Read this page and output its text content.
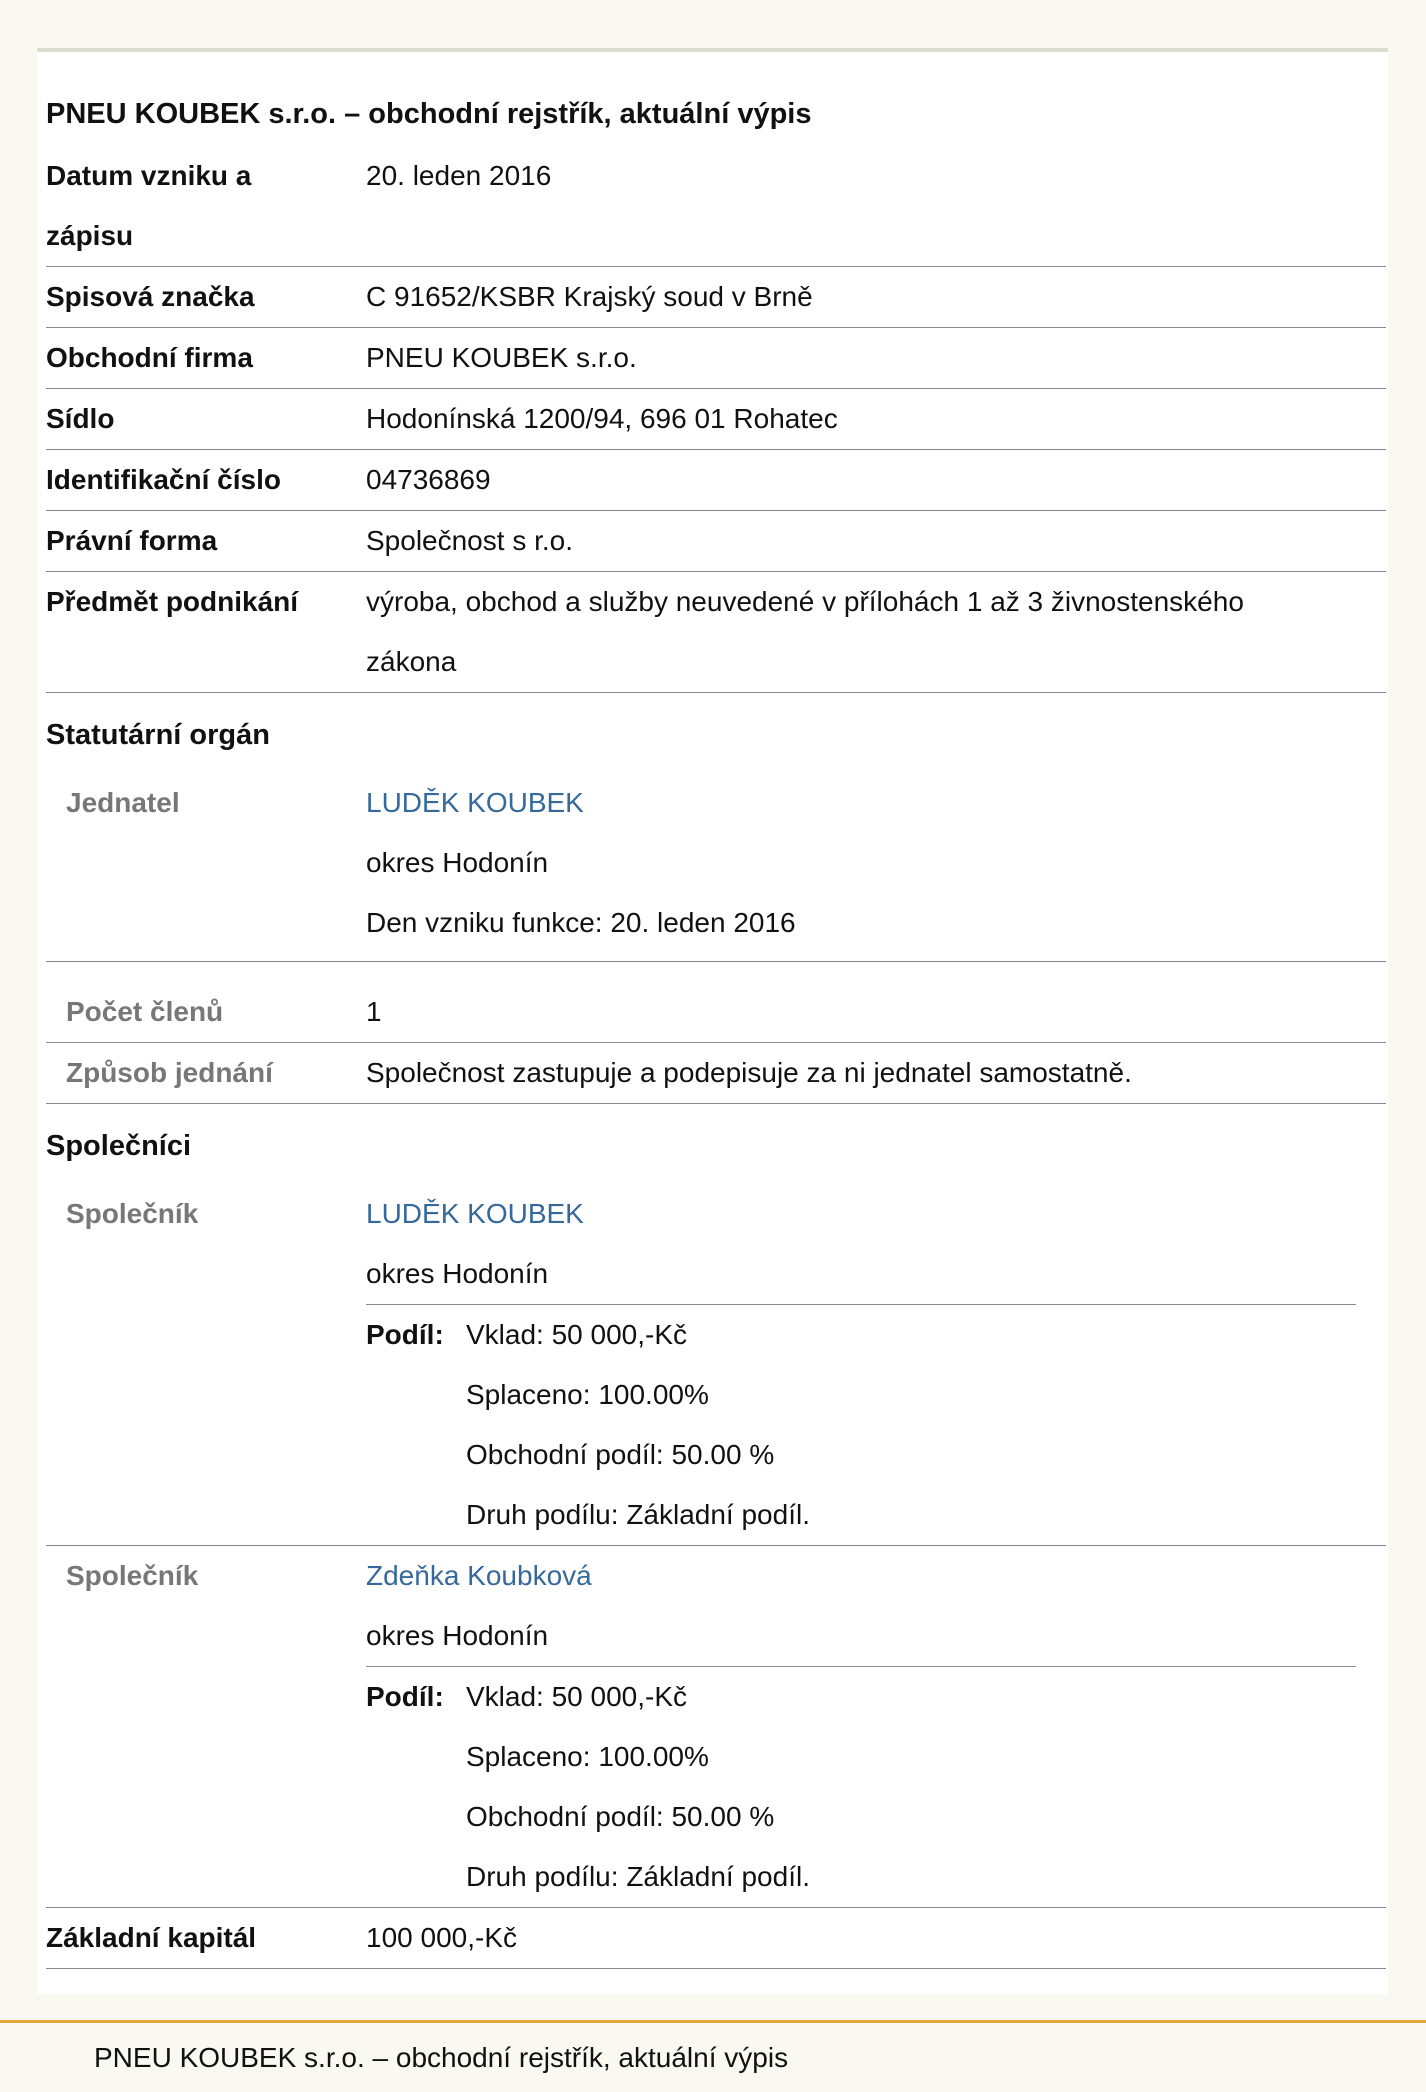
PNEU KOUBEK s.r.o. – obchodní rejstřík, aktuální výpis
Datum vzniku a
zápisu
20. leden 2016
Spisová značka	C 91652/KSBR Krajský soud v Brně
Obchodní firma	PNEU KOUBEK s.r.o.
Sídlo	Hodonínská 1200/94, 696 01 Rohatec
Identifikační číslo	04736869
Právní forma	Společnost s r.o.
Předmět podnikání	výroba, obchod a služby neuvedené v přílohách 1 až 3 živnostenského
zákona
Statutární orgán
Jednatel	LUDĚK KOUBEK
okres Hodonín
Den vzniku funkce: 20. leden 2016
Počet členů	1
Způsob jednání	Společnost zastupuje a podepisuje za ni jednatel samostatně.
Společníci
Společník	LUDĚK KOUBEK
okres Hodonín
Podíl: Vklad: 50 000,-Kč
Splaceno: 100.00%
Obchodní podíl: 50.00 %
Druh podílu: Základní podíl.
Společník	Zdeňka Koubková
okres Hodonín
Podíl: Vklad: 50 000,-Kč
Splaceno: 100.00%
Obchodní podíl: 50.00 %
Druh podílu: Základní podíl.
Základní kapitál	100 000,-Kč
PNEU KOUBEK s.r.o. – obchodní rejstřík, aktuální výpis
